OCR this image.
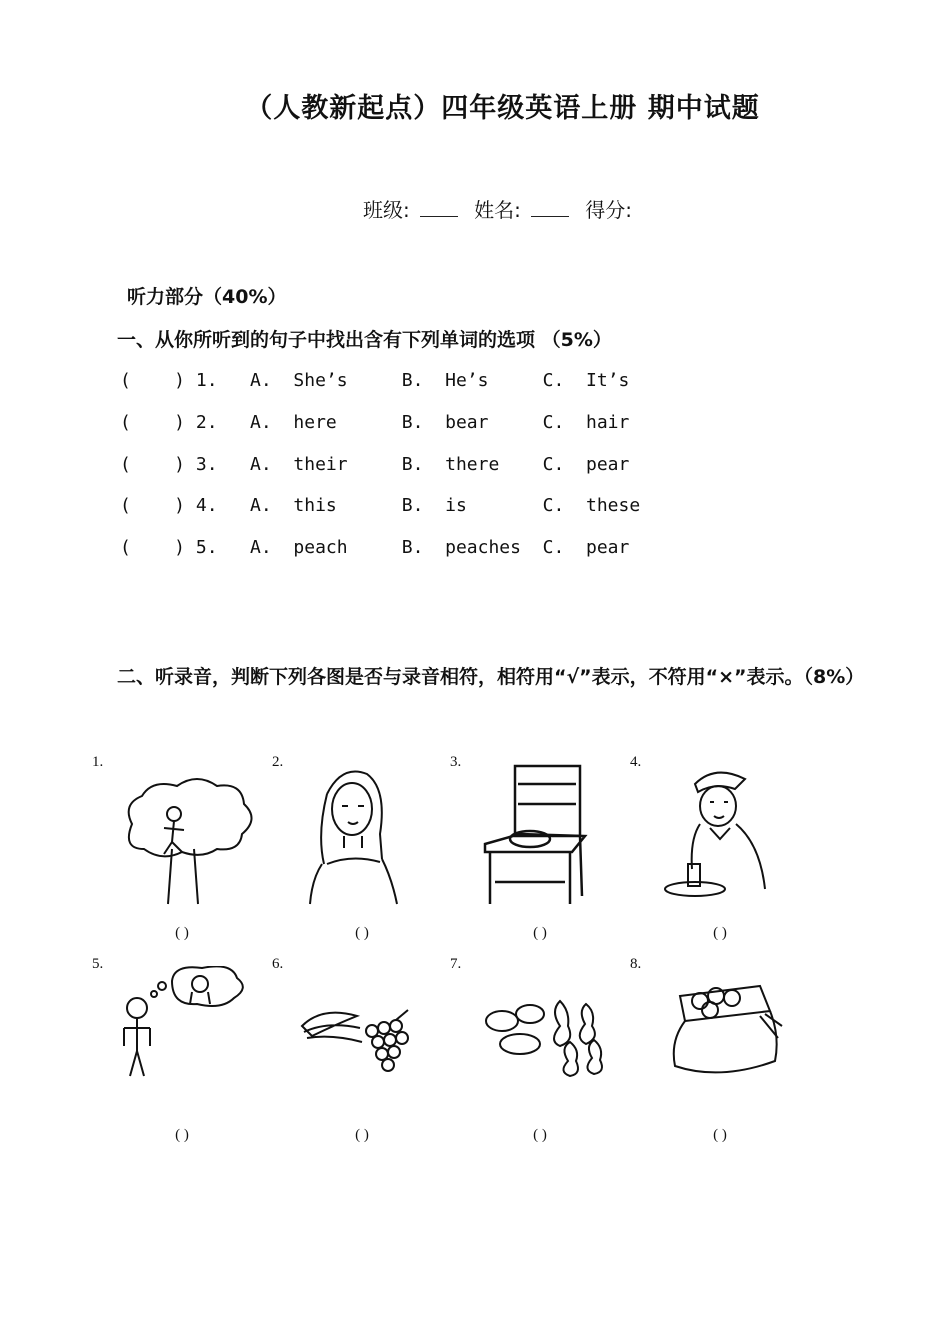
（人教新起点）四年级英语上册 期中试题
班级:	姓名:	得分:
听力部分（40%）
一、从你所听到的句子中找出含有下列单词的选项 （5%）
(    ) 1.   A.  She’s     B.  He’s     C.  It’s
(    ) 2.   A.  here      B.  bear     C.  hair
(    ) 3.   A.  their     B.  there    C.  pear
(    ) 4.   A.  this      B.  is       C.  these
(    ) 5.   A.  peach     B.  peaches  C.  pear
二、听录音，判断下列各图是否与录音相符，相符用“√”表示，不符用“×”表示。（8%）
1.
( )
2.
( )
3.
( )
4.
( )
5.
( )
6.
( )
7.
( )
8.
( )
